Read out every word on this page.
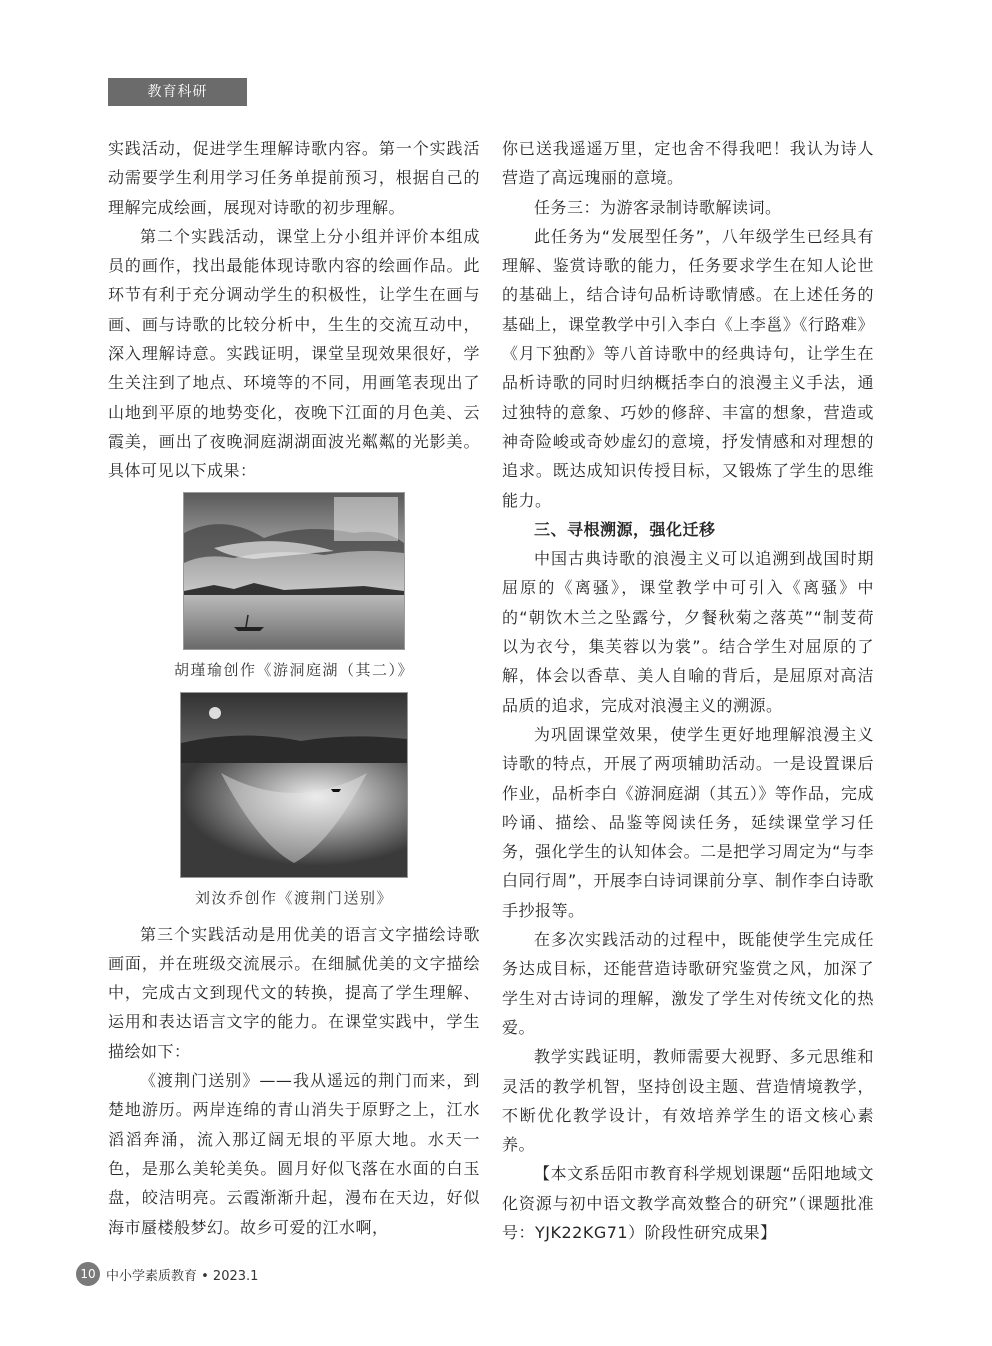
教育科研

实践活动，促进学生理解诗歌内容。第一个实践活动需要学生利用学习任务单提前预习，根据自己的理解完成绘画，展现对诗歌的初步理解。

第二个实践活动，课堂上分小组并评价本组成员的画作，找出最能体现诗歌内容的绘画作品。此环节有利于充分调动学生的积极性，让学生在画与画、画与诗歌的比较分析中，生生的交流互动中，深入理解诗意。实践证明，课堂呈现效果很好，学生关注到了地点、环境等的不同，用画笔表现出了山地到平原的地势变化，夜晚下江面的月色美、云霞美，画出了夜晚洞庭湖湖面波光粼粼的光影美。具体可见以下成果：

胡瑾瑜创作《游洞庭湖（其二）》
刘汝乔创作《渡荆门送别》

第三个实践活动是用优美的语言文字描绘诗歌画面，并在班级交流展示。在细腻优美的文字描绘中，完成古文到现代文的转换，提高了学生理解、运用和表达语言文字的能力。在课堂实践中，学生描绘如下：

《渡荆门送别》——我从遥远的荆门而来，到楚地游历。两岸连绵的青山消失于原野之上，江水滔滔奔涌，流入那辽阔无垠的平原大地。水天一色，是那么美轮美奂。圆月好似飞落在水面的白玉盘，皎洁明亮。云霞渐渐升起，漫布在天边，好似海市蜃楼般梦幻。故乡可爱的江水啊，

你已送我遥遥万里，定也舍不得我吧！我认为诗人营造了高远瑰丽的意境。

任务三：为游客录制诗歌解读词。

此任务为“发展型任务”，八年级学生已经具有理解、鉴赏诗歌的能力，任务要求学生在知人论世的基础上，结合诗句品析诗歌情感。在上述任务的基础上，课堂教学中引入李白《上李邕》《行路难》《月下独酌》等八首诗歌中的经典诗句，让学生在品析诗歌的同时归纳概括李白的浪漫主义手法，通过独特的意象、巧妙的修辞、丰富的想象，营造或神奇险峻或奇妙虚幻的意境，抒发情感和对理想的追求。既达成知识传授目标，又锻炼了学生的思维能力。

三、寻根溯源，强化迁移

中国古典诗歌的浪漫主义可以追溯到战国时期屈原的《离骚》，课堂教学中可引入《离骚》中的“朝饮木兰之坠露兮，夕餐秋菊之落英”“制芰荷以为衣兮，集芙蓉以为裳”。结合学生对屈原的了解，体会以香草、美人自喻的背后，是屈原对高洁品质的追求，完成对浪漫主义的溯源。

为巩固课堂效果，使学生更好地理解浪漫主义诗歌的特点，开展了两项辅助活动。一是设置课后作业，品析李白《游洞庭湖（其五）》等作品，完成吟诵、描绘、品鉴等阅读任务，延续课堂学习任务，强化学生的认知体会。二是把学习周定为“与李白同行周”，开展李白诗词课前分享、制作李白诗歌手抄报等。

在多次实践活动的过程中，既能使学生完成任务达成目标，还能营造诗歌研究鉴赏之风，加深了学生对古诗词的理解，激发了学生对传统文化的热爱。

教学实践证明，教师需要大视野、多元思维和灵活的教学机智，坚持创设主题、营造情境教学，不断优化教学设计，有效培养学生的语文核心素养。

【本文系岳阳市教育科学规划课题“岳阳地域文化资源与初中语文教学高效整合的研究”（课题批准号：YJK22KG71）阶段性研究成果】

10 中小学素质教育 • 2023.1
